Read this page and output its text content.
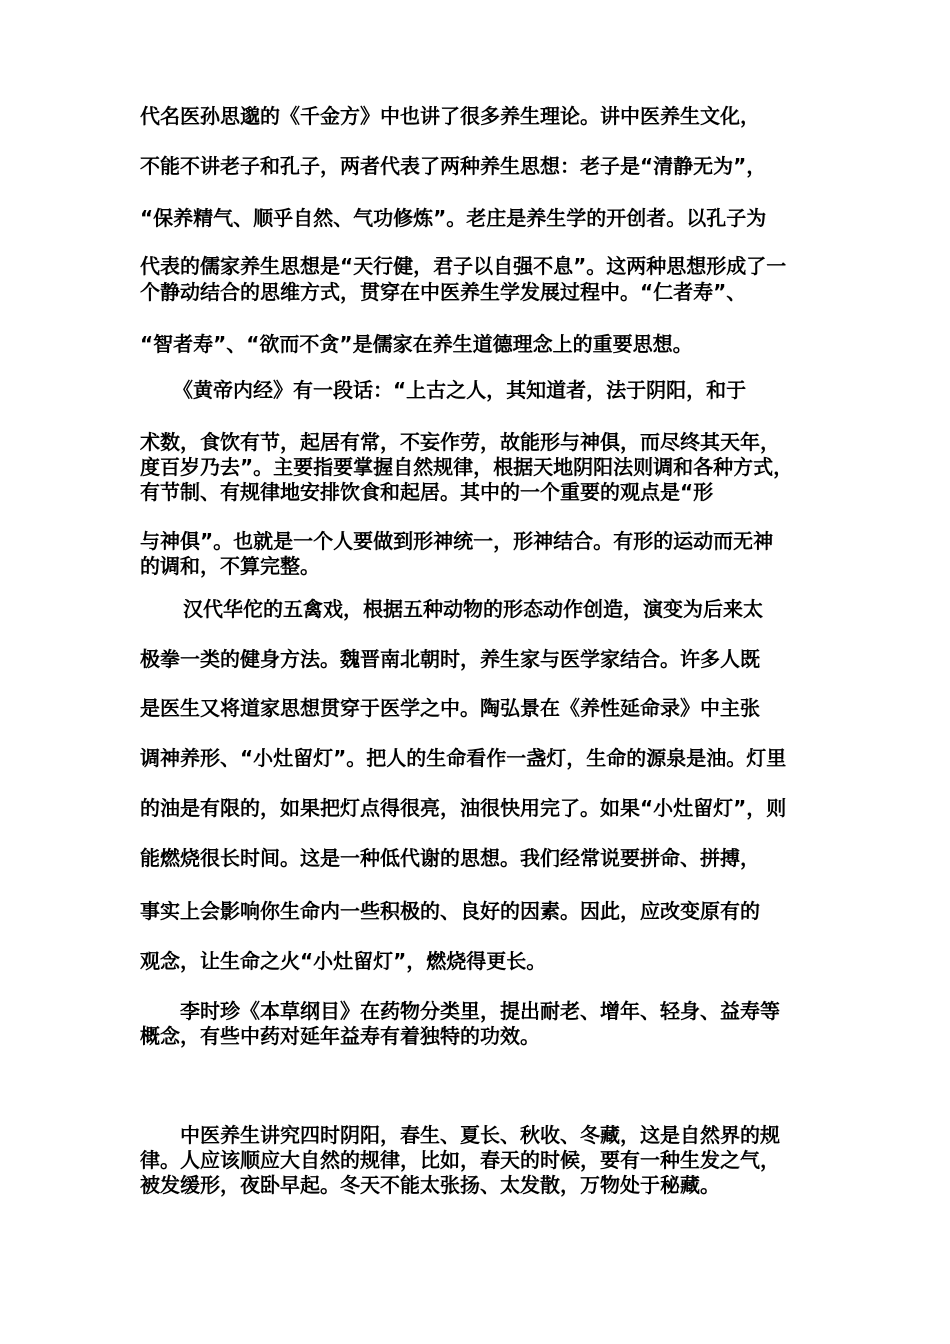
代名医孙思邈的《千金方》中也讲了很多养生理论。讲中医养生文化，
不能不讲老子和孔子，两者代表了两种养生思想：老子是“清静无为”，
“保养精气、顺乎自然、气功修炼”。老庄是养生学的开创者。以孔子为
代表的儒家养生思想是“天行健，君子以自强不息”。这两种思想形成了一
个静动结合的思维方式，贯穿在中医养生学发展过程中。“仁者寿”、
“智者寿”、“欲而不贪”是儒家在养生道德理念上的重要思想。
《黄帝内经》有一段话：“上古之人，其知道者，法于阴阳，和于
术数，食饮有节，起居有常，不妄作劳，故能形与神俱，而尽终其天年，
度百岁乃去”。主要指要掌握自然规律，根据天地阴阳法则调和各种方式，
有节制、有规律地安排饮食和起居。其中的一个重要的观点是“形
与神俱”。也就是一个人要做到形神统一，形神结合。有形的运动而无神
的调和，不算完整。
汉代华佗的五禽戏，根据五种动物的形态动作创造，演变为后来太
极拳一类的健身方法。魏晋南北朝时，养生家与医学家结合。许多人既
是医生又将道家思想贯穿于医学之中。陶弘景在《养性延命录》中主张
调神养形、“小灶留灯”。把人的生命看作一盏灯，生命的源泉是油。灯里
的油是有限的，如果把灯点得很亮，油很快用完了。如果“小灶留灯”，则
能燃烧很长时间。这是一种低代谢的思想。我们经常说要拼命、拼搏，
事实上会影响你生命内一些积极的、良好的因素。因此，应改变原有的
观念，让生命之火“小灶留灯”，燃烧得更长。
李时珍《本草纲目》在药物分类里，提出耐老、增年、轻身、益寿等
概念，有些中药对延年益寿有着独特的功效。
中医养生讲究四时阴阳，春生、夏长、秋收、冬藏，这是自然界的规
律。人应该顺应大自然的规律，比如，春天的时候，要有一种生发之气，
被发缓形，夜卧早起。冬天不能太张扬、太发散，万物处于秘藏。
